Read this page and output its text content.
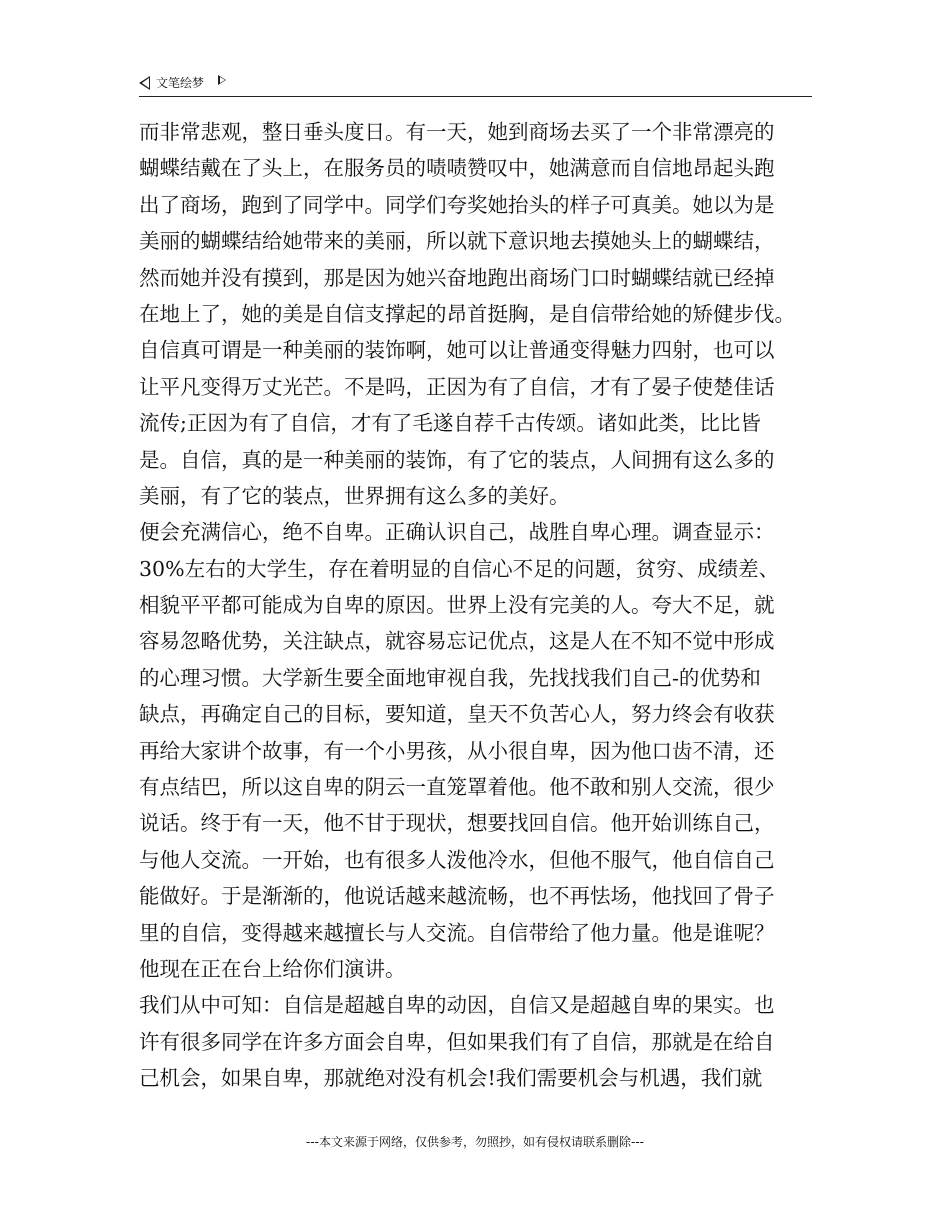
文笔绘梦
而非常悲观，整日垂头度日。有一天，她到商场去买了一个非常漂亮的
蝴蝶结戴在了头上，在服务员的啧啧赞叹中，她满意而自信地昂起头跑
出了商场，跑到了同学中。同学们夸奖她抬头的样子可真美。她以为是
美丽的蝴蝶结给她带来的美丽，所以就下意识地去摸她头上的蝴蝶结，
然而她并没有摸到，那是因为她兴奋地跑出商场门口时蝴蝶结就已经掉
在地上了，她的美是自信支撑起的昂首挺胸，是自信带给她的矫健步伐。
自信真可谓是一种美丽的装饰啊，她可以让普通变得魅力四射，也可以
让平凡变得万丈光芒。不是吗，正因为有了自信，才有了晏子使楚佳话
流传;正因为有了自信，才有了毛遂自荐千古传颂。诸如此类，比比皆
是。自信，真的是一种美丽的装饰，有了它的装点，人间拥有这么多的
美丽，有了它的装点，世界拥有这么多的美好。
便会充满信心，绝不自卑。正确认识自己，战胜自卑心理。调查显示：
30%左右的大学生，存在着明显的自信心不足的问题，贫穷、成绩差、
相貌平平都可能成为自卑的原因。世界上没有完美的人。夸大不足，就
容易忽略优势，关注缺点，就容易忘记优点，这是人在不知不觉中形成
的心理习惯。大学新生要全面地审视自我，先找找我们自己-的优势和
缺点，再确定自己的目标，要知道，皇天不负苦心人，努力终会有收获
再给大家讲个故事，有一个小男孩，从小很自卑，因为他口齿不清，还
有点结巴，所以这自卑的阴云一直笼罩着他。他不敢和别人交流，很少
说话。终于有一天，他不甘于现状，想要找回自信。他开始训练自己，
与他人交流。一开始，也有很多人泼他冷水，但他不服气，他自信自己
能做好。于是渐渐的，他说话越来越流畅，也不再怯场，他找回了骨子
里的自信，变得越来越擅长与人交流。自信带给了他力量。他是谁呢？
他现在正在台上给你们演讲。
我们从中可知：自信是超越自卑的动因，自信又是超越自卑的果实。也
许有很多同学在许多方面会自卑，但如果我们有了自信，那就是在给自
己机会，如果自卑，那就绝对没有机会!我们需要机会与机遇，我们就
---本文来源于网络，仅供参考，勿照抄，如有侵权请联系删除---
